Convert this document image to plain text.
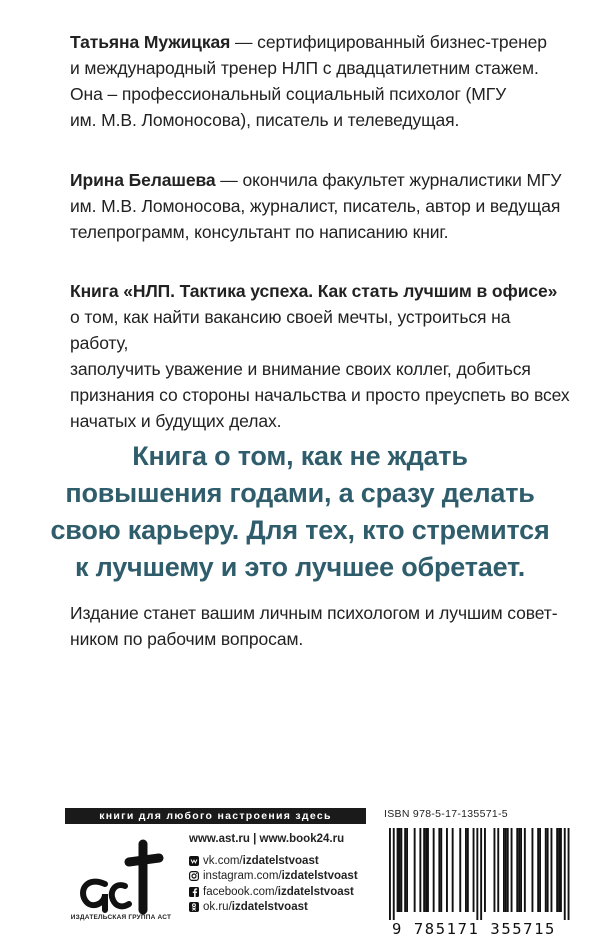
Татьяна Мужицкая — сертифицированный бизнес-тренер

и международный тренер НЛП с двадцатилетним стажем.

Она – профессиональный социальный психолог (МГУ

им. М.В. Ломоносова), писатель и телеведущая.

Ирина Белашева — окончила факультет журналистики МГУ

им. М.В. Ломоносова, журналист, писатель, автор и ведущая

телепрограмм, консультант по написанию книг.

Книга «НЛП. Тактика успеха. Как стать лучшим в офисе»

о том, как найти вакансию своей мечты, устроиться на работу,

заполучить уважение и внимание своих коллег, добиться

признания со стороны начальства и просто преуспеть во всех

начатых и будущих делах.

Книга о том, как не ждать
повышения годами, а сразу делать
свою карьеру. Для тех, кто стремится
к лучшему и это лучшее обретает.

Издание станет вашим личным психологом и лучшим совет-

ником по рабочим вопросам.

книги для любого настроения здесь
ИЗДАТЕЛЬСКАЯ ГРУППА АСТ
www.ast.ru | www.book24.ru
vk.com/ izdatelstvoast
instagram.com/ izdatelstvoast
facebook.com/ izdatelstvoast
ok.ru/ izdatelstvoast
ISBN 978-5-17-135571-5
9 785171 355715
